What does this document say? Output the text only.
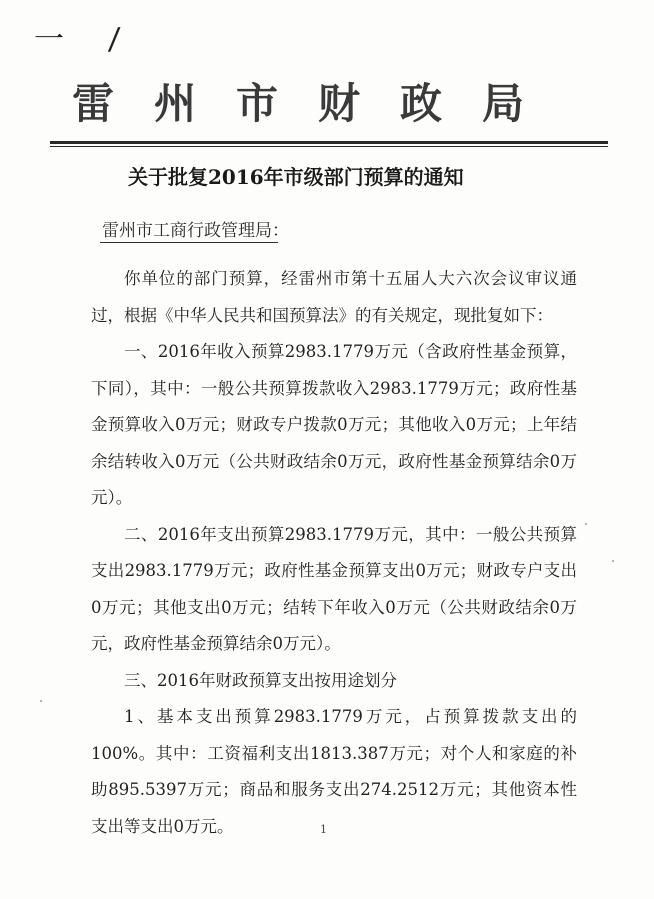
一 /
雷州市财政局
关于批复2016年市级部门预算的通知
雷州市工商行政管理局：

你单位的部门预算，经雷州市第十五届人大六次会议审议通过，根据《中华人民共和国预算法》的有关规定，现批复如下：

一、2016年收入预算2983.1779万元（含政府性基金预算，下同），其中：一般公共预算拨款收入2983.1779万元；政府性基金预算收入0万元；财政专户拨款0万元；其他收入0万元；上年结余结转收入0万元（公共财政结余0万元，政府性基金预算结余0万元）。

二、2016年支出预算2983.1779万元，其中：一般公共预算支出2983.1779万元；政府性基金预算支出0万元；财政专户支出0万元；其他支出0万元；结转下年收入0万元（公共财政结余0万元，政府性基金预算结余0万元）。

三、2016年财政预算支出按用途划分

1、基本支出预算2983.1779万元，占预算拨款支出的100%。其中：工资福利支出1813.387万元；对个人和家庭的补助895.5397万元；商品和服务支出274.2512万元；其他资本性支出等支出0万元。	1
